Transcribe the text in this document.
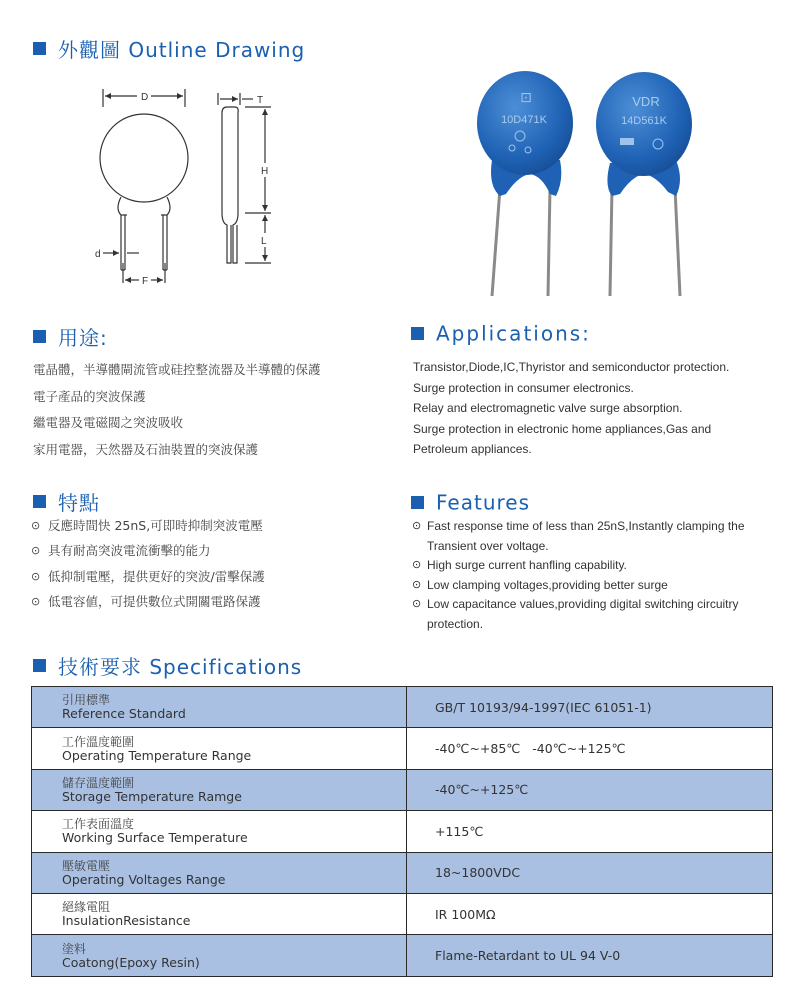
外觀圖 Outline Drawing
D	T
H
L
d
F
⊡
10D471K
VDR
14D561K
用途:
電晶體，半導體閘流管或硅控整流器及半導體的保護
電子產品的突波保護
繼電器及電磁閥之突波吸收
家用電器，天然器及石油裝置的突波保護
Applications:
Transistor,Diode,IC,Thyristor and semiconductor protection.
Surge protection in consumer electronics.
Relay and electromagnetic valve surge absorption.
Surge protection in electronic home appliances,Gas and
Petroleum appliances.
特點
⊙ 反應時間快 25nS,可即時抑制突波電壓
⊙ 具有耐高突波電流衝擊的能力
⊙ 低抑制電壓，提供更好的突波/雷擊保護
⊙ 低電容値，可提供數位式開關電路保護
Features
⊙ Fast response time of less than 25nS,Instantly clamping the Transient over voltage.
⊙ High surge current hanfling capability.
⊙ Low clamping voltages,providing better surge
⊙ Low capacitance values,providing digital switching circuitry protection.
技術要求 Specifications
引用標準
Reference Standard	GB/T 10193/94-1997(IEC 61051-1)

工作溫度範圍
Operating Temperature Range	-40℃~+85℃   -40℃~+125℃

儲存溫度範圍
Storage Temperature Ramge	-40℃~+125℃

工作表面溫度
Working Surface Temperature	+115℃

壓敏電壓
Operating Voltages Range	18~1800VDC

絕緣電阻
InsulationResistance	IR 100MΩ

塗料
Coatong(Epoxy Resin)	Flame-Retardant to UL 94 V-0
